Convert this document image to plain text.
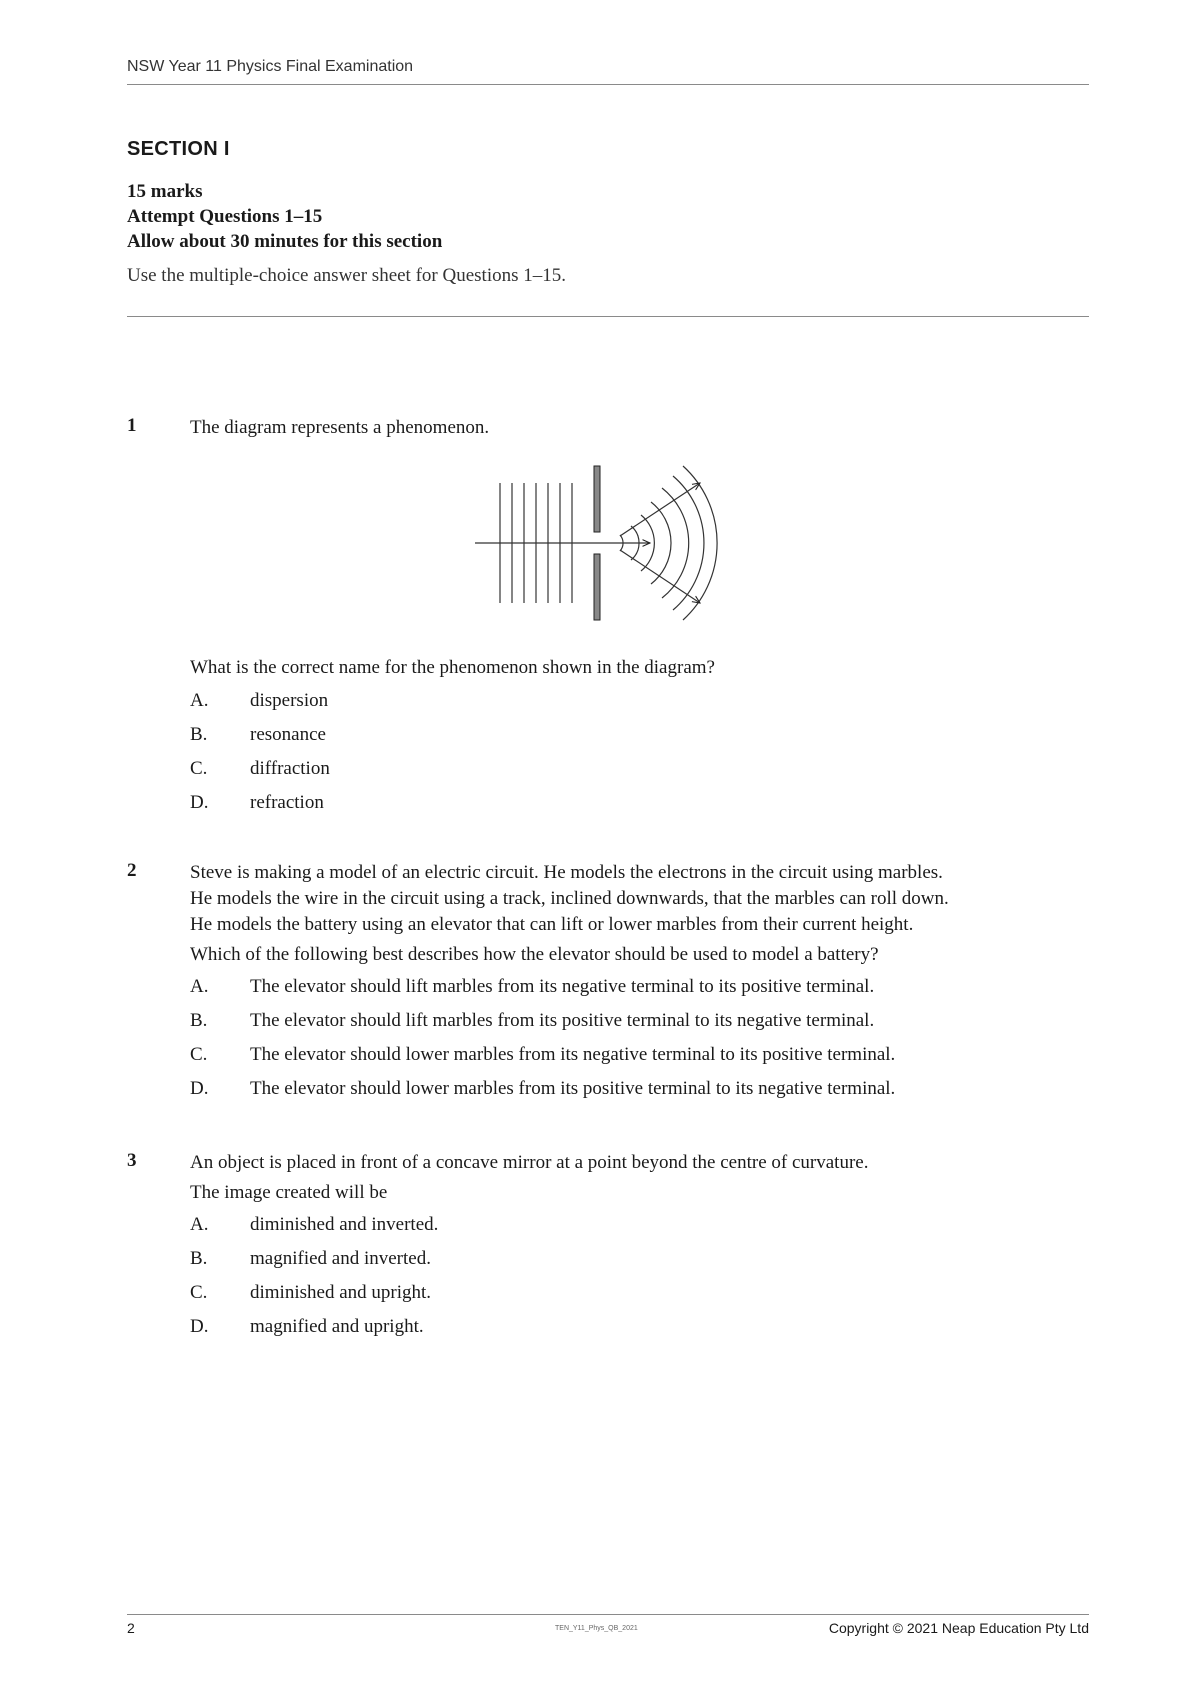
NSW Year 11 Physics Final Examination
SECTION I
15 marks
Attempt Questions 1–15
Allow about 30 minutes for this section
Use the multiple-choice answer sheet for Questions 1–15.
1	The diagram represents a phenomenon.
What is the correct name for the phenomenon shown in the diagram?
A. dispersion
B. resonance
C. diffraction
D. refraction
2	Steve is making a model of an electric circuit. He models the electrons in the circuit using marbles.
He models the wire in the circuit using a track, inclined downwards, that the marbles can roll down.
He models the battery using an elevator that can lift or lower marbles from their current height.
Which of the following best describes how the elevator should be used to model a battery?
A. The elevator should lift marbles from its negative terminal to its positive terminal.
B. The elevator should lift marbles from its positive terminal to its negative terminal.
C. The elevator should lower marbles from its negative terminal to its positive terminal.
D. The elevator should lower marbles from its positive terminal to its negative terminal.
3	An object is placed in front of a concave mirror at a point beyond the centre of curvature.
The image created will be
A. diminished and inverted.
B. magnified and inverted.
C. diminished and upright.
D. magnified and upright.
2	TEN_Y11_Phys_QB_2021	Copyright © 2021 Neap Education Pty Ltd
